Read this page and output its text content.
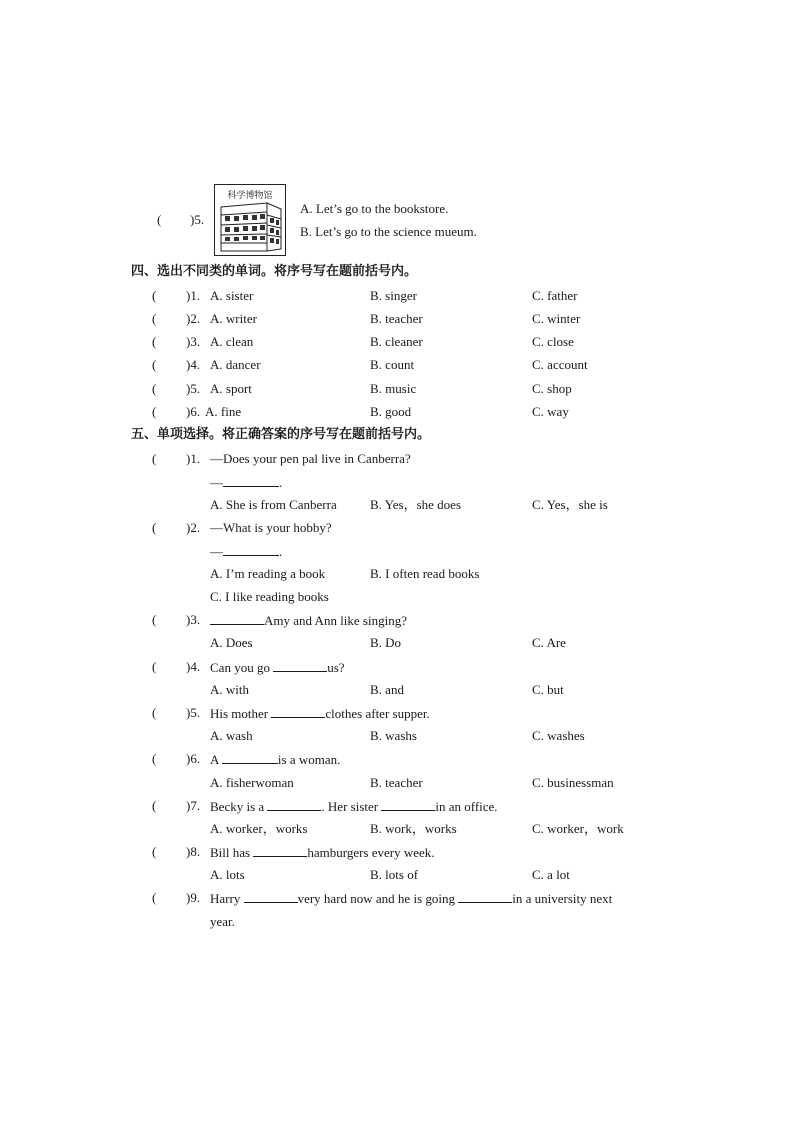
( )5.
科学博物馆
A. Let’s go to the bookstore.
B. Let’s go to the science mueum.
四、选出不同类的单词。将序号写在题前括号内。
( )1. A. sister	B. singer	C. father
( )2. A. writer	B. teacher	C. winter
( )3. A. clean	B. cleaner	C. close
( )4. A. dancer	B. count	C. account
( )5. A. sport	B. music	C. shop
( )6. A. fine	B. good	C. way
五、单项选择。将正确答案的序号写在题前括号内。
( )1. —Does your pen pal live in Canberra?
—	.
A. She is from Canberra	B. Yes，she does	C. Yes，she is
( )2. —What is your hobby?
—	.
A. I’m reading a book	B. I often read books
C. I like reading books
( )3.	Amy and Ann like singing?
A. Does	B. Do	C. Are
( )4. Can you go	us?
A. with	B. and	C. but
( )5. His mother	clothes after supper.
A. wash	B. washs	C. washes
( )6. A	is a woman.
A. fisherwoman	B. teacher	C. businessman
( )7. Becky is a	. Her sister	in an office.
A. worker，works	B. work，works	C. worker，work
( )8. Bill has	hamburgers every week.
A. lots	B. lots of	C. a lot
( )9. Harry	very hard now and he is going	in a university next
year.
